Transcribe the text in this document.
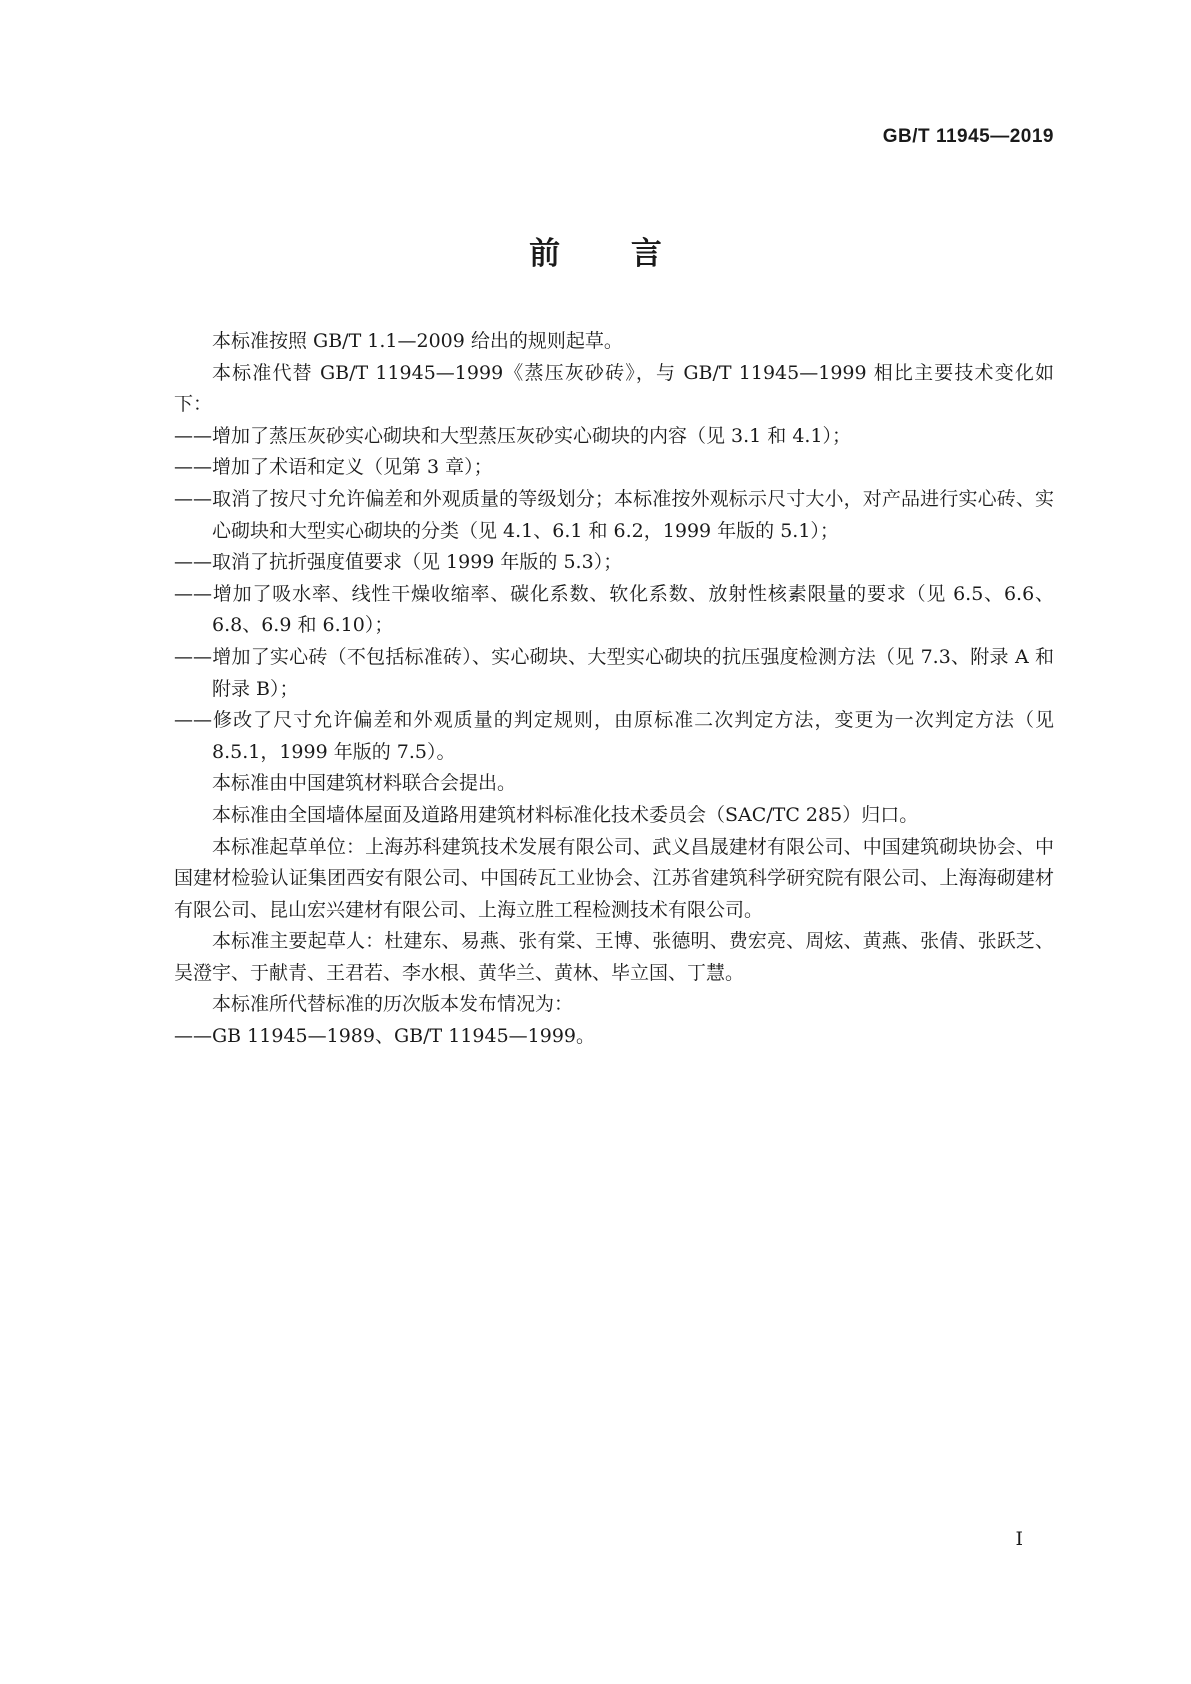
GB/T 11945—2019
前 言

本标准按照 GB/T 1.1—2009 给出的规则起草。

本标准代替 GB/T 11945—1999《蒸压灰砂砖》，与 GB/T 11945—1999 相比主要技术变化如下：

——增加了蒸压灰砂实心砌块和大型蒸压灰砂实心砌块的内容（见 3.1 和 4.1）；

——增加了术语和定义（见第 3 章）；

——取消了按尺寸允许偏差和外观质量的等级划分；本标准按外观标示尺寸大小，对产品进行实心砖、实心砌块和大型实心砌块的分类（见 4.1、6.1 和 6.2，1999 年版的 5.1）；

——取消了抗折强度值要求（见 1999 年版的 5.3）；

——增加了吸水率、线性干燥收缩率、碳化系数、软化系数、放射性核素限量的要求（见 6.5、6.6、6.8、6.9 和 6.10）；

——增加了实心砖（不包括标准砖）、实心砌块、大型实心砌块的抗压强度检测方法（见 7.3、附录 A 和附录 B）；

——修改了尺寸允许偏差和外观质量的判定规则，由原标准二次判定方法，变更为一次判定方法（见 8.5.1，1999 年版的 7.5）。

本标准由中国建筑材料联合会提出。

本标准由全国墙体屋面及道路用建筑材料标准化技术委员会（SAC/TC 285）归口。

本标准起草单位：上海苏科建筑技术发展有限公司、武义昌晟建材有限公司、中国建筑砌块协会、中国建材检验认证集团西安有限公司、中国砖瓦工业协会、江苏省建筑科学研究院有限公司、上海海砌建材有限公司、昆山宏兴建材有限公司、上海立胜工程检测技术有限公司。

本标准主要起草人：杜建东、易燕、张有棠、王博、张德明、费宏亮、周炫、黄燕、张倩、张跃芝、吴澄宇、于献青、王君若、李水根、黄华兰、黄林、毕立国、丁慧。

本标准所代替标准的历次版本发布情况为：

——GB 11945—1989、GB/T 11945—1999。

I
